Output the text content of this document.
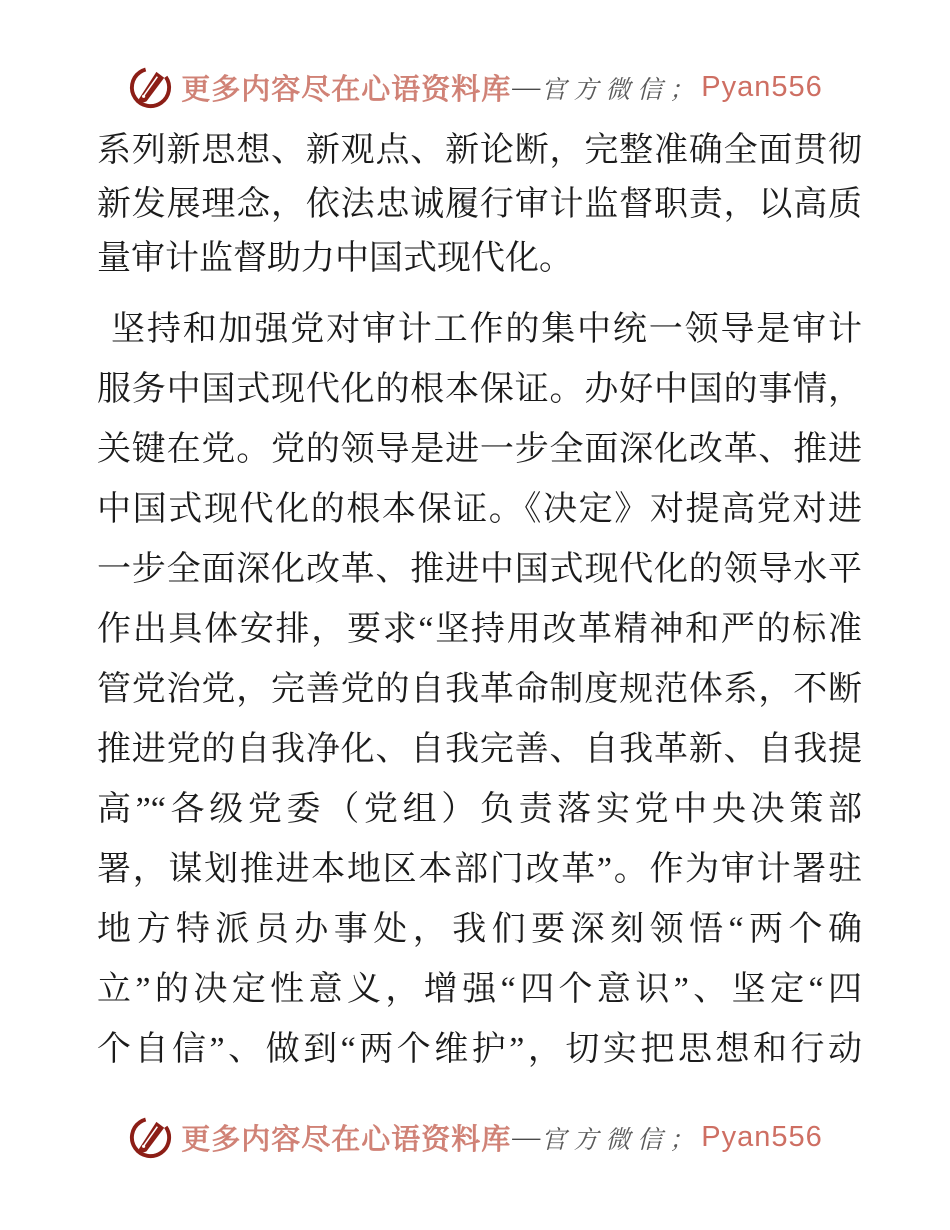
更多内容尽在心语资料库 — 官方微信； Pyan556
系列新思想、新观点、新论断，完整准确全面贯彻
新发展理念，依法忠诚履行审计监督职责，以高质
量审计监督助力中国式现代化。
坚持和加强党对审计工作的集中统一领导是审计
服务中国式现代化的根本保证。办好中国的事情，
关键在党。党的领导是进一步全面深化改革、推进
中国式现代化的根本保证。《决定》对提高党对进
一步全面深化改革、推进中国式现代化的领导水平
作出具体安排，要求“坚持用改革精神和严的标准
管党治党，完善党的自我革命制度规范体系，不断
推进党的自我净化、自我完善、自我革新、自我提
高”“各级党委（党组）负责落实党中央决策部
署，谋划推进本地区本部门改革”。作为审计署驻
地方特派员办事处，我们要深刻领悟“两个确
立”的决定性意义，增强“四个意识”、坚定“四
个自信”、做到“两个维护”，切实把思想和行动
更多内容尽在心语资料库 — 官方微信； Pyan556
